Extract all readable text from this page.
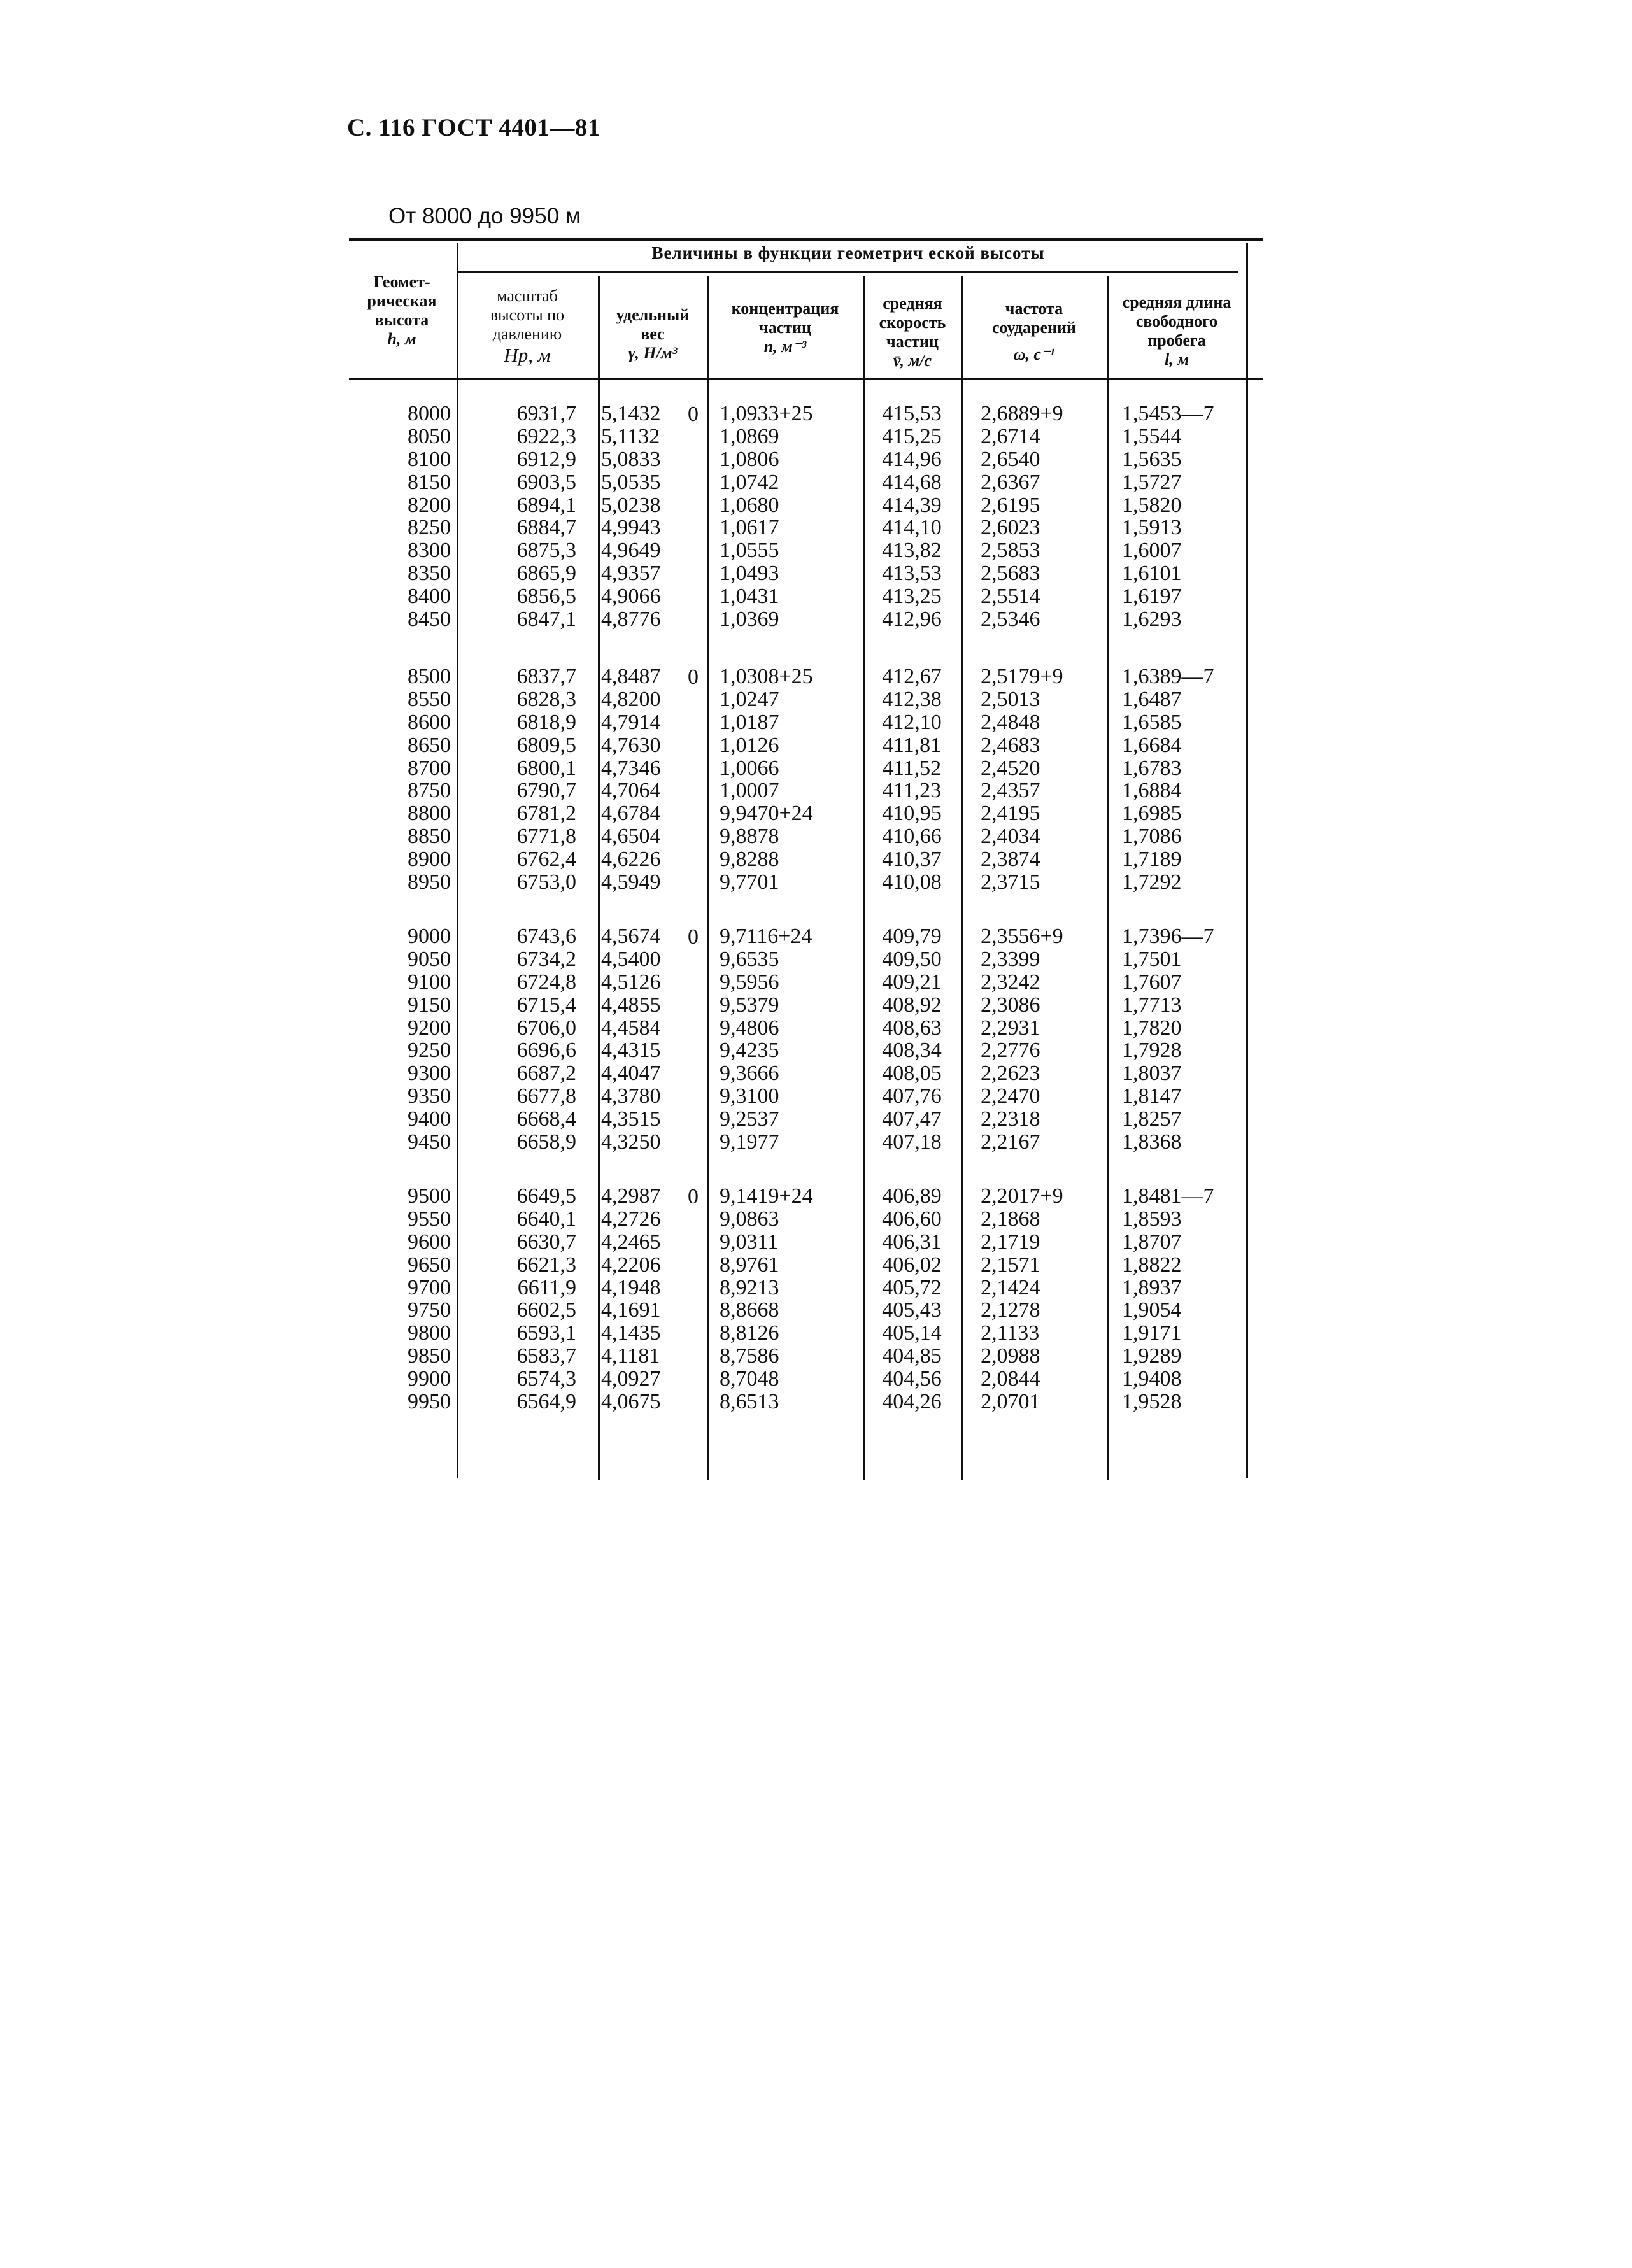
С. 116 ГОСТ 4401—81
От 8000 до 9950 м
Величины в функции геометрич еской высоты
Геомет-
рическая
высота
h, м
масштаб
высоты по
давлению
Hp, м
удельный
вес
γ, Н/м³
концентрация
частиц
n, м⁻³
средняя
скорость
частиц
v̄, м/с
частота
соударений
ω, с⁻¹
средняя длина
свободного
пробега
l, м
8000
8050
8100
8150
8200
8250
8300
8350
8400
8450
6931,7
6922,3
6912,9
6903,5
6894,1
6884,7
6875,3
6865,9
6856,5
6847,1
5,1432
5,1132
5,0833
5,0535
5,0238
4,9943
4,9649
4,9357
4,9066
4,8776
1,0933+25
1,0869
1,0806
1,0742
1,0680
1,0617
1,0555
1,0493
1,0431
1,0369
415,53
415,25
414,96
414,68
414,39
414,10
413,82
413,53
413,25
412,96
2,6889+9
2,6714
2,6540
2,6367
2,6195
2,6023
2,5853
2,5683
2,5514
2,5346
1,5453—7
1,5544
1,5635
1,5727
1,5820
1,5913
1,6007
1,6101
1,6197
1,6293
0
8500
8550
8600
8650
8700
8750
8800
8850
8900
8950
6837,7
6828,3
6818,9
6809,5
6800,1
6790,7
6781,2
6771,8
6762,4
6753,0
4,8487
4,8200
4,7914
4,7630
4,7346
4,7064
4,6784
4,6504
4,6226
4,5949
1,0308+25
1,0247
1,0187
1,0126
1,0066
1,0007
9,9470+24
9,8878
9,8288
9,7701
412,67
412,38
412,10
411,81
411,52
411,23
410,95
410,66
410,37
410,08
2,5179+9
2,5013
2,4848
2,4683
2,4520
2,4357
2,4195
2,4034
2,3874
2,3715
1,6389—7
1,6487
1,6585
1,6684
1,6783
1,6884
1,6985
1,7086
1,7189
1,7292
0
9000
9050
9100
9150
9200
9250
9300
9350
9400
9450
6743,6
6734,2
6724,8
6715,4
6706,0
6696,6
6687,2
6677,8
6668,4
6658,9
4,5674
4,5400
4,5126
4,4855
4,4584
4,4315
4,4047
4,3780
4,3515
4,3250
9,7116+24
9,6535
9,5956
9,5379
9,4806
9,4235
9,3666
9,3100
9,2537
9,1977
409,79
409,50
409,21
408,92
408,63
408,34
408,05
407,76
407,47
407,18
2,3556+9
2,3399
2,3242
2,3086
2,2931
2,2776
2,2623
2,2470
2,2318
2,2167
1,7396—7
1,7501
1,7607
1,7713
1,7820
1,7928
1,8037
1,8147
1,8257
1,8368
0
9500
9550
9600
9650
9700
9750
9800
9850
9900
9950
6649,5
6640,1
6630,7
6621,3
6611,9
6602,5
6593,1
6583,7
6574,3
6564,9
4,2987
4,2726
4,2465
4,2206
4,1948
4,1691
4,1435
4,1181
4,0927
4,0675
9,1419+24
9,0863
9,0311
8,9761
8,9213
8,8668
8,8126
8,7586
8,7048
8,6513
406,89
406,60
406,31
406,02
405,72
405,43
405,14
404,85
404,56
404,26
2,2017+9
2,1868
2,1719
2,1571
2,1424
2,1278
2,1133
2,0988
2,0844
2,0701
1,8481—7
1,8593
1,8707
1,8822
1,8937
1,9054
1,9171
1,9289
1,9408
1,9528
0
